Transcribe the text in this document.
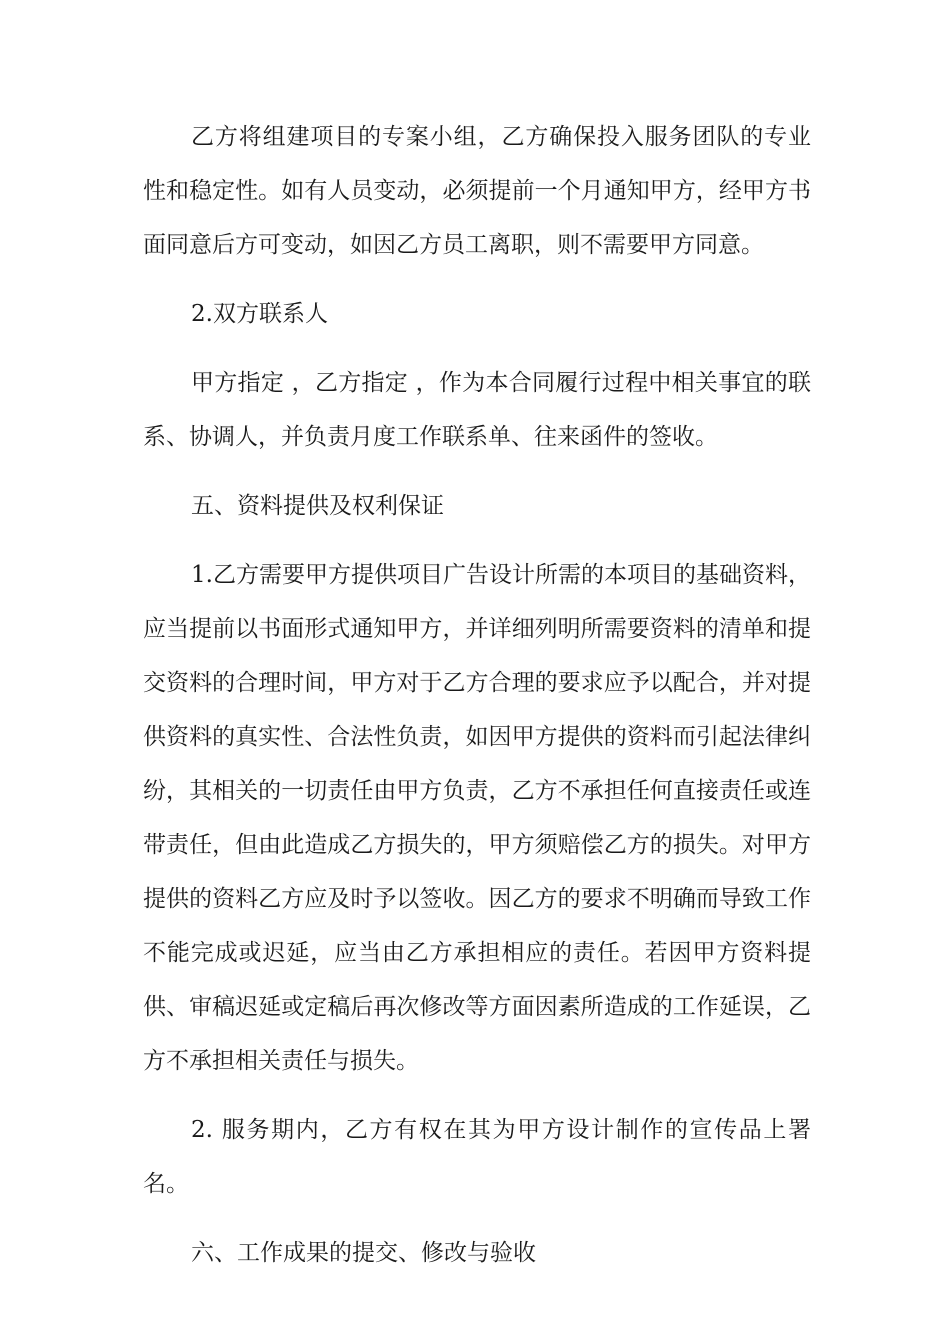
乙方将组建项目的专案小组，乙方确保投入服务团队的专业性和稳定性。如有人员变动，必须提前一个月通知甲方，经甲方书面同意后方可变动，如因乙方员工离职，则不需要甲方同意。

2.双方联系人

甲方指定 ，乙方指定 ，作为本合同履行过程中相关事宜的联系、协调人，并负责月度工作联系单、往来函件的签收。

五、资料提供及权利保证

1.乙方需要甲方提供项目广告设计所需的本项目的基础资料，应当提前以书面形式通知甲方，并详细列明所需要资料的清单和提交资料的合理时间，甲方对于乙方合理的要求应予以配合，并对提供资料的真实性、合法性负责，如因甲方提供的资料而引起法律纠纷，其相关的一切责任由甲方负责，乙方不承担任何直接责任或连带责任，但由此造成乙方损失的，甲方须赔偿乙方的损失。对甲方提供的资料乙方应及时予以签收。因乙方的要求不明确而导致工作不能完成或迟延，应当由乙方承担相应的责任。若因甲方资料提供、审稿迟延或定稿后再次修改等方面因素所造成的工作延误，乙方不承担相关责任与损失。

2. 服务期内，乙方有权在其为甲方设计制作的宣传品上署名。

六、工作成果的提交、修改与验收
